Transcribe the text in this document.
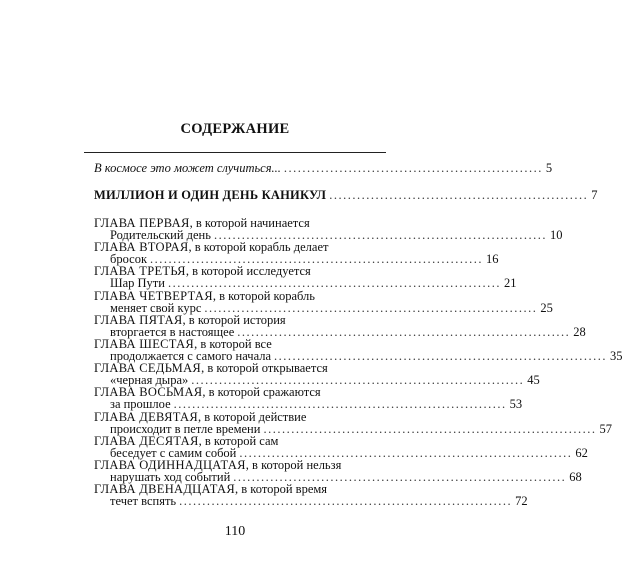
СОДЕРЖАНИЕ
В космосе это может случиться... ........................................................ 5
МИЛЛИОН И ОДИН ДЕНЬ КАНИКУЛ ........................................................ 7
ГЛАВА ПЕРВАЯ, в которой начинается
Родительский день ........................................................................ 10
ГЛАВА ВТОРАЯ, в которой корабль делает
бросок ........................................................................ 16
ГЛАВА ТРЕТЬЯ, в которой исследуется
Шар Пути ........................................................................ 21
ГЛАВА ЧЕТВЕРТАЯ, в которой корабль
меняет свой курс ........................................................................ 25
ГЛАВА ПЯТАЯ, в которой история
вторгается в настоящее ........................................................................ 28
ГЛАВА ШЕСТАЯ, в которой все
продолжается с самого начала ........................................................................ 35
ГЛАВА СЕДЬМАЯ, в которой открывается
«черная дыра» ........................................................................ 45
ГЛАВА ВОСЬМАЯ, в которой сражаются
за прошлое ........................................................................ 53
ГЛАВА ДЕВЯТАЯ, в которой действие
происходит в петле времени ........................................................................ 57
ГЛАВА ДЕСЯТАЯ, в которой сам
беседует с самим собой ........................................................................ 62
ГЛАВА ОДИННАДЦАТАЯ, в которой нельзя
нарушать ход событий ........................................................................ 68
ГЛАВА ДВЕНАДЦАТАЯ, в которой время
течет вспять ........................................................................ 72
110
